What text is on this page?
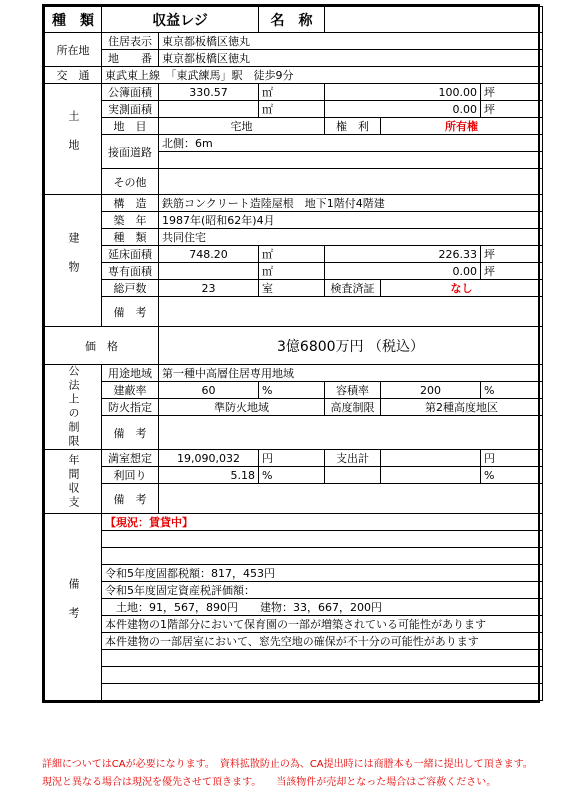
種　類	収益レジ		名　称			
所在地	住居表示	東京都板橋区徳丸				
	地　　番	東京都板橋区徳丸				
交　通	東武東上線　「東武練馬」駅　徒歩9分					
土地	公簿面積	330.57	㎡	100.00		坪
	実測面積		㎡	0.00		坪
	地　目	宅地		権　利	所有権	
	接面道路	北側：6m				

	その他					
建物	構　造	鉄筋コンクリート造陸屋根　地下1階付4階建				
	築　年	1987年(昭和62年)4月				
	種　類	共同住宅				
	延床面積	748.20	㎡	226.33		坪
	専有面積		㎡	0.00		坪
	総戸数	23	室	検査済証	なし	
	備　考					
価　格		3億6800万円 （税込）				
公法上の制限	用途地域	第一種中高層住居専用地域				
	建蔽率	60	%	容積率	200	%
	防火指定	準防火地域		高度制限	第2種高度地区	
	備　考					
年間収支	満室想定	19,090,032	円	支出計		円
	利回り	5.18	%			%
	備　考					
備考	【現況：賃貸中】					

	令和5年度固都税額：817，453円					
	令和5年度固定資産税評価額：					
	　土地：91，567，890円　　建物：33，667，200円					
	本件建物の1階部分において保育園の一部が増築されている可能性があります					
	本件建物の一部居室において、窓先空地の確保が不十分の可能性があります					

詳細についてはCAが必要になります。　資料拡散防止の為、CA提出時には商謄本も一緒に提出して頂きます。
現況と異なる場合は現況を優先させて頂きます。　　当該物件が売却となった場合はご容赦ください。
